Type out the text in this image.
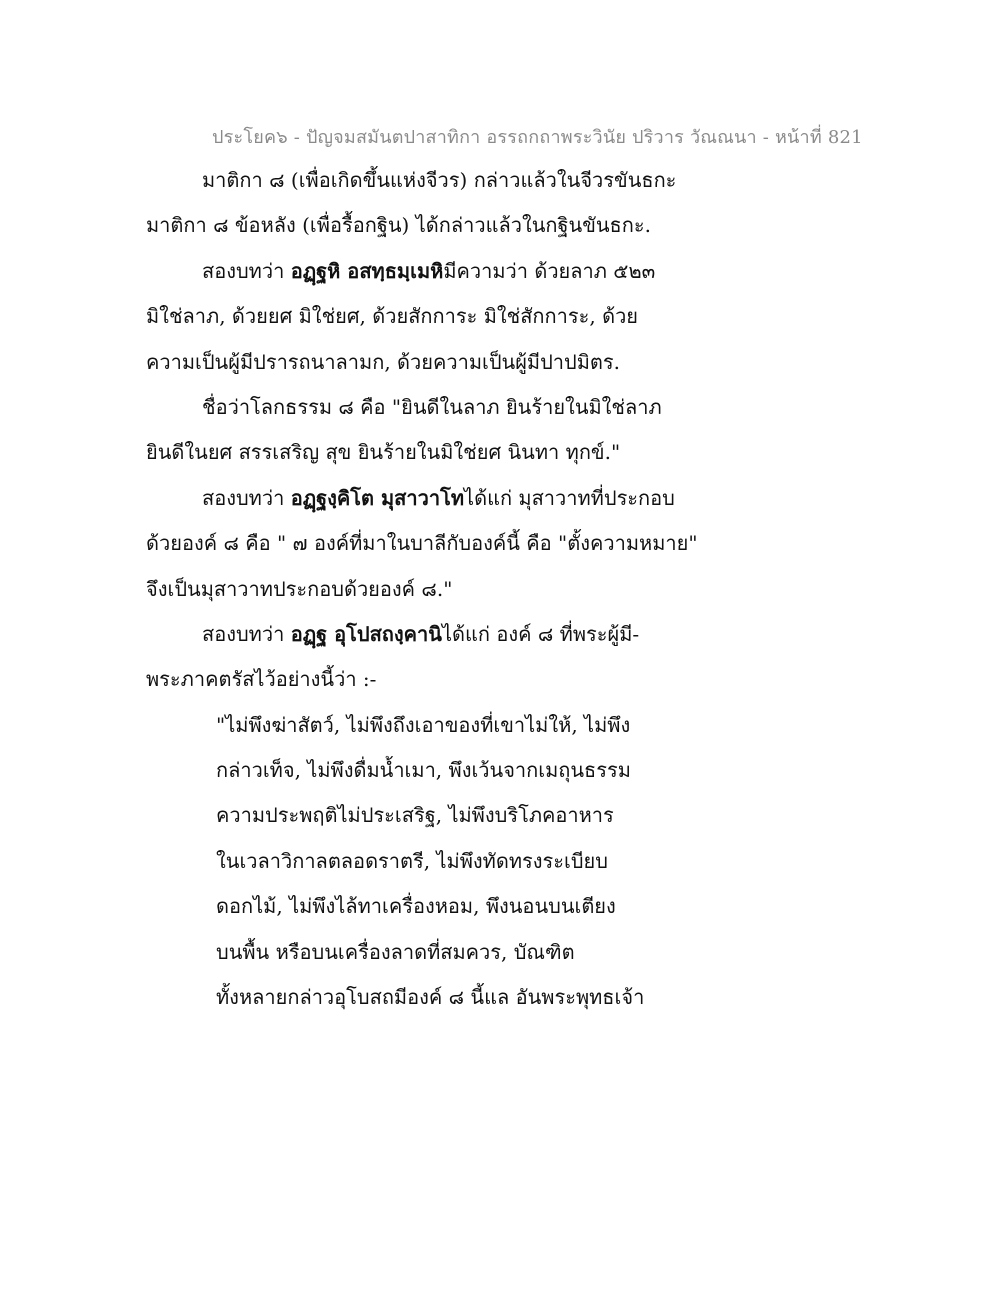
ประโยค๖ - ปัญจมสมันตปาสาทิกา อรรถกถาพระวินัย ปริวาร วัณณนา - หน้าที่ 821
มาติกา ๘ (เพื่อเกิดขึ้นแห่งจีวร) กล่าวแล้วในจีวรขันธกะ
มาติกา ๘ ข้อหลัง (เพื่อรื้อกฐิน) ได้กล่าวแล้วในกฐินขันธกะ.
สองบทว่า อฏฺฐหิ อสทฺธมฺเมหิมีความว่า ด้วยลาภ ๕๒๓
มิใช่ลาภ, ด้วยยศ มิใช่ยศ, ด้วยสักการะ มิใช่สักการะ, ด้วย
ความเป็นผู้มีปรารถนาลามก, ด้วยความเป็นผู้มีปาปมิตร.
ชื่อว่าโลกธรรม ๘ คือ "ยินดีในลาภ ยินร้ายในมิใช่ลาภ
ยินดีในยศ สรรเสริญ สุข ยินร้ายในมิใช่ยศ นินทา ทุกข์."
สองบทว่า อฏฺฐงฺคิโต มุสาวาโทได้แก่ มุสาวาทที่ประกอบ
ด้วยองค์ ๘ คือ " ๗ องค์ที่มาในบาลีกับองค์นี้ คือ "ตั้งความหมาย"
จึงเป็นมุสาวาทประกอบด้วยองค์ ๘."
สองบทว่า อฏฺฐ อุโปสถงฺคานิได้แก่ องค์ ๘ ที่พระผู้มี-
พระภาคตรัสไว้อย่างนี้ว่า :-
"ไม่พึงฆ่าสัตว์, ไม่พึงถึงเอาของที่เขาไม่ให้, ไม่พึง
กล่าวเท็จ, ไม่พึงดื่มน้ำเมา, พึงเว้นจากเมถุนธรรม
ความประพฤติไม่ประเสริฐ, ไม่พึงบริโภคอาหาร
ในเวลาวิกาลตลอดราตรี, ไม่พึงทัดทรงระเบียบ
ดอกไม้, ไม่พึงไล้ทาเครื่องหอม, พึงนอนบนเตียง
บนพื้น หรือบนเครื่องลาดที่สมควร, บัณฑิต
ทั้งหลายกล่าวอุโบสถมีองค์ ๘ นี้แล อันพระพุทธเจ้า
